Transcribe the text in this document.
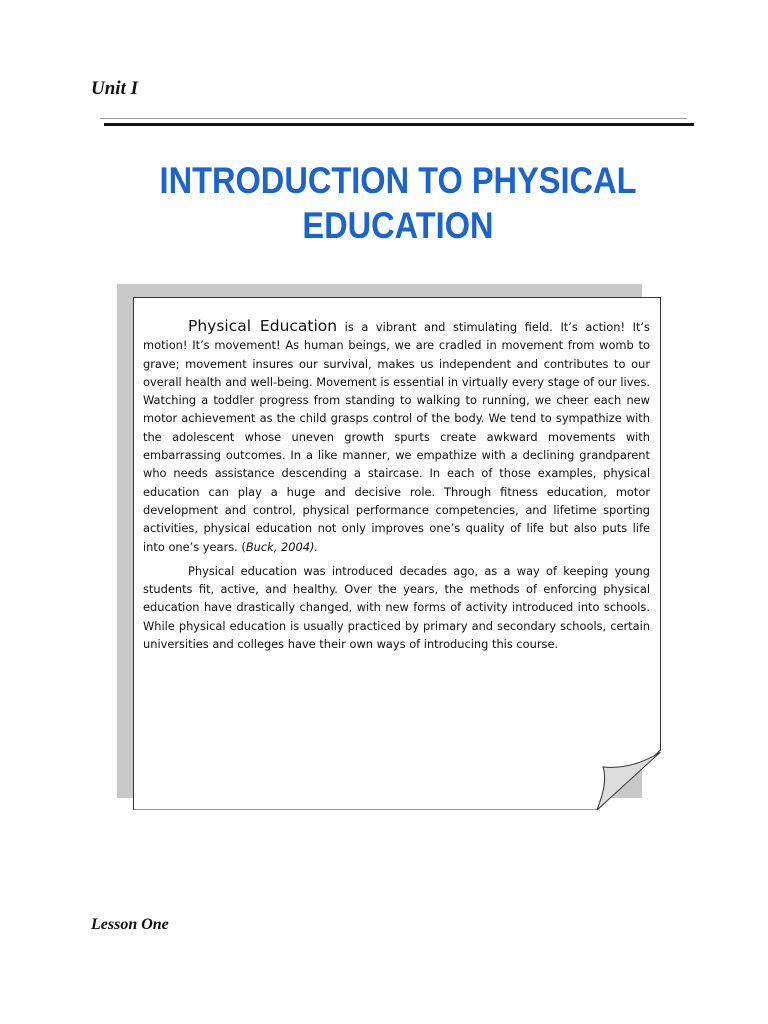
Unit I
INTRODUCTION TO PHYSICAL EDUCATION

Physical Education is a vibrant and stimulating field. It’s action! It’s motion! It’s movement! As human beings, we are cradled in movement from womb to grave; movement insures our survival, makes us independent and contributes to our overall health and well-being. Movement is essential in virtually every stage of our lives. Watching a toddler progress from standing to walking to running, we cheer each new motor achievement as the child grasps control of the body. We tend to sympathize with the adolescent whose uneven growth spurts create awkward movements with embarrassing outcomes. In a like manner, we empathize with a declining grandparent who needs assistance descending a staircase. In each of those examples, physical education can play a huge and decisive role. Through fitness education, motor development and control, physical performance competencies, and lifetime sporting activities, physical education not only improves one’s quality of life but also puts life into one’s years. (Buck, 2004).

Physical education was introduced decades ago, as a way of keeping young students fit, active, and healthy. Over the years, the methods of enforcing physical education have drastically changed, with new forms of activity introduced into schools. While physical education is usually practiced by primary and secondary schools, certain universities and colleges have their own ways of introducing this course.

Lesson One
